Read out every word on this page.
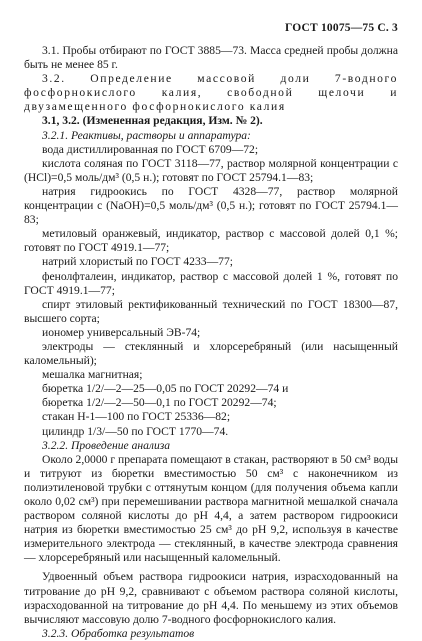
ГОСТ 10075—75 С. 3

3.1. Пробы отбирают по ГОСТ 3885—73. Масса средней пробы должна быть не менее 85 г.

3.2. Определение массовой доли 7-водного фосфорнокислого калия, свободной щелочи и двузамещенного фосфорнокислого калия

3.1, 3.2. (Измененная редакция, Изм. № 2).

3.2.1. Реактивы, растворы и аппаратура:

вода дистиллированная по ГОСТ 6709—72;

кислота соляная по ГОСТ 3118—77, раствор молярной концентрации c (HCl)=0,5 моль/дм³ (0,5 н.); готовят по ГОСТ 25794.1—83;

натрия гидроокись по ГОСТ 4328—77, раствор молярной концентрации c (NaOH)=0,5 моль/дм³ (0,5 н.); готовят по ГОСТ 25794.1—83;

метиловый оранжевый, индикатор, раствор с массовой долей 0,1 %; готовят по ГОСТ 4919.1—77;

натрий хлористый по ГОСТ 4233—77;

фенолфталеин, индикатор, раствор с массовой долей 1 %, готовят по ГОСТ 4919.1—77;

спирт этиловый ректификованный технический по ГОСТ 18300—87, высшего сорта;

иономер универсальный ЭВ-74;

электроды — стеклянный и хлорсеребряный (или насыщенный каломельный);

мешалка магнитная;

бюретка 1/2/—2—25—0,05 по ГОСТ 20292—74 и

бюретка 1/2/—2—50—0,1 по ГОСТ 20292—74;

стакан Н-1—100 по ГОСТ 25336—82;

цилиндр 1/3/—50 по ГОСТ 1770—74.

3.2.2. Проведение анализа

Около 2,0000 г препарата помещают в стакан, растворяют в 50 см³ воды и титруют из бюретки вместимостью 50 см³ с наконечником из полиэтиленовой трубки с оттянутым концом (для получения объема капли около 0,02 см³) при перемешивании раствора магнитной мешалкой сначала раствором соляной кислоты до pH 4,4, а затем раствором гидроокиси натрия из бюретки вместимостью 25 см³ до pH 9,2, используя в качестве измерительного электрода — стеклянный, в качестве электрода сравнения — хлорсеребряный или насыщенный каломельный.

Удвоенный объем раствора гидроокиси натрия, израсходованный на титрование до pH 9,2, сравнивают с объемом раствора соляной кислоты, израсходованной на титрование до pH 4,4. По меньшему из этих объемов вычисляют массовую долю 7-водного фосфорнокислого калия.

3.2.3. Обработка результатов
